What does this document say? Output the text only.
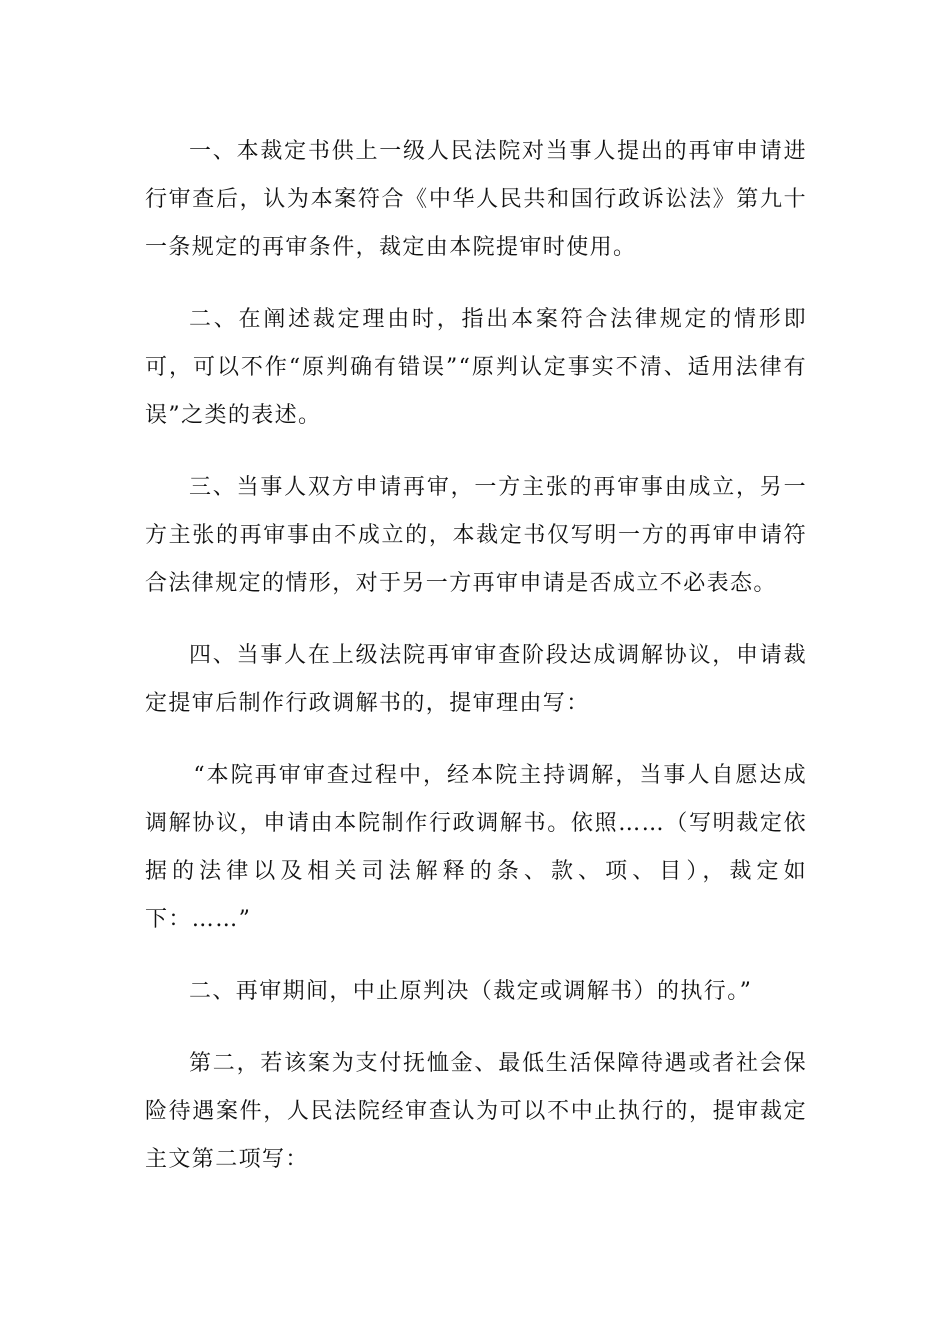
一、本裁定书供上一级人民法院对当事人提出的再审申请进行审查后，认为本案符合《中华人民共和国行政诉讼法》第九十一条规定的再审条件，裁定由本院提审时使用。

二、在阐述裁定理由时，指出本案符合法律规定的情形即可，可以不作“原判确有错误”“原判认定事实不清、适用法律有误”之类的表述。

三、当事人双方申请再审，一方主张的再审事由成立，另一方主张的再审事由不成立的，本裁定书仅写明一方的再审申请符合法律规定的情形，对于另一方再审申请是否成立不必表态。

四、当事人在上级法院再审审查阶段达成调解协议，申请裁定提审后制作行政调解书的，提审理由写：

“本院再审审查过程中，经本院主持调解，当事人自愿达成调解协议，申请由本院制作行政调解书。依照……（写明裁定依据的法律以及相关司法解释的条、款、项、目），裁定如下：……”

二、再审期间，中止原判决（裁定或调解书）的执行。”

第二，若该案为支付抚恤金、最低生活保障待遇或者社会保险待遇案件，人民法院经审查认为可以不中止执行的，提审裁定主文第二项写：
